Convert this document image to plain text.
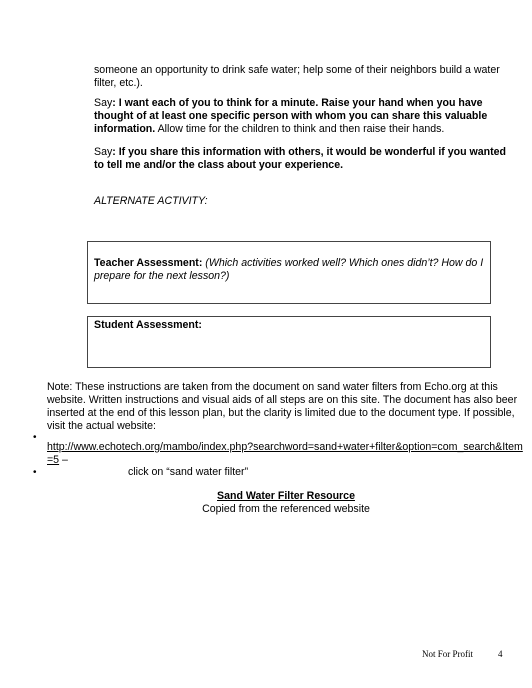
someone an opportunity to drink safe water; help some of their neighbors build a water

filter, etc.).

Say: I want each of you to think for a minute. Raise your hand when you have

thought of at least one specific person with whom you can share this valuable

information. Allow time for the children to think and then raise their hands.

Say: If you share this information with others, it would be wonderful if you wanted

to tell me and/or the class about your experience.

ALTERNATE ACTIVITY:

Teacher Assessment: (Which activities worked well? Which ones didn’t? How do I

prepare for the next lesson?)

Student Assessment:

Note: These instructions are taken from the document on sand water filters from Echo.org at this

website. Written instructions and visual aids of all steps are on this site. The document has also beer

inserted at the end of this lesson plan, but the clarity is limited due to the document type. If possible,

visit the actual website:

•

http://www.echotech.org/mambo/index.php?searchword=sand+water+filter&option=com_search&Item

=5 –

•	click on “sand water filter”

Sand Water Filter Resource

Copied from the referenced website

Not For Profit	4
